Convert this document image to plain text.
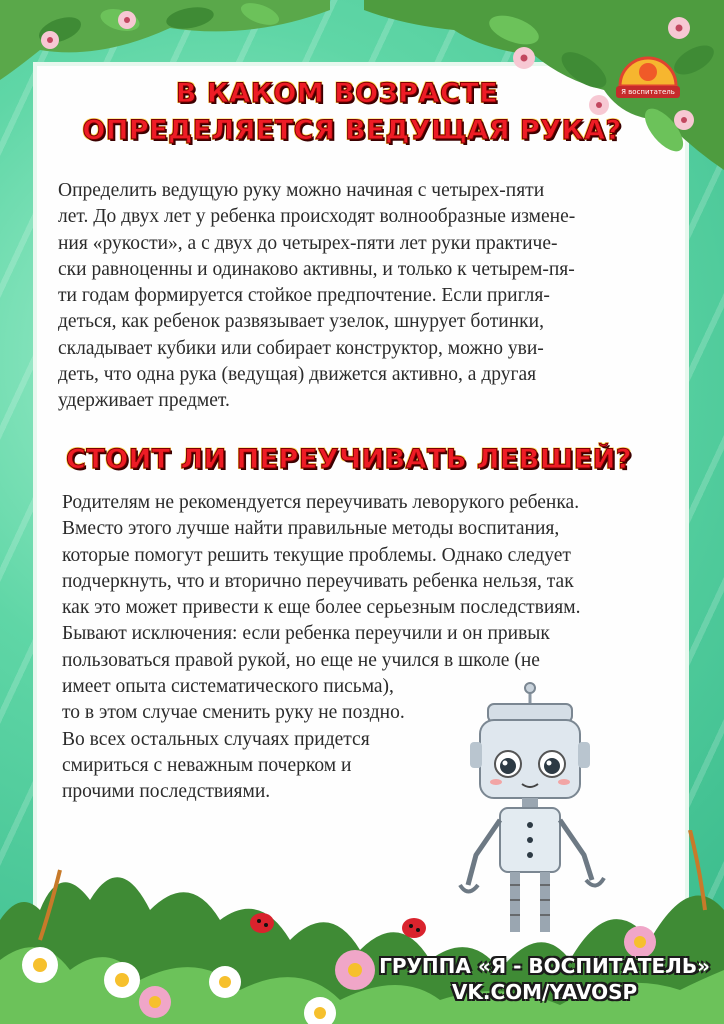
Я воспитатель
В КАКОМ ВОЗРАСТЕ
ОПРЕДЕЛЯЕТСЯ ВЕДУЩАЯ РУКА?
Определить ведущую руку можно начиная с четырех-пяти
лет. До двух лет у ребенка происходят волнообразные измене-
ния «рукости», а с двух до четырех-пяти лет руки практиче-
ски равноценны и одинаково активны, и только к четырем-пя-
ти годам формируется стойкое предпочтение. Если пригля-
деться, как ребенок развязывает узелок, шнурует ботинки,
складывает кубики или собирает конструктор, можно уви-
деть, что одна рука (ведущая) движется активно, а другая
удерживает предмет.
СТОИТ ЛИ ПЕРЕУЧИВАТЬ ЛЕВШЕЙ?
Родителям не рекомендуется переучивать леворукого ребенка.
Вместо этого лучше найти правильные методы воспитания,
которые помогут решить текущие проблемы. Однако следует
подчеркнуть, что и вторично переучивать ребенка нельзя, так
как это может привести к еще более серьезным последствиям.
Бывают исключения: если ребенка переучили и он привык
пользоваться правой рукой, но еще не учился в школе (не
имеет опыта систематического письма),
то в этом случае сменить руку не поздно.
Во всех остальных случаях придется
смириться с неважным почерком и
прочими последствиями.
ГРУППА «Я - ВОСПИТАТЕЛЬ»
VK.COM/YAVOSP
